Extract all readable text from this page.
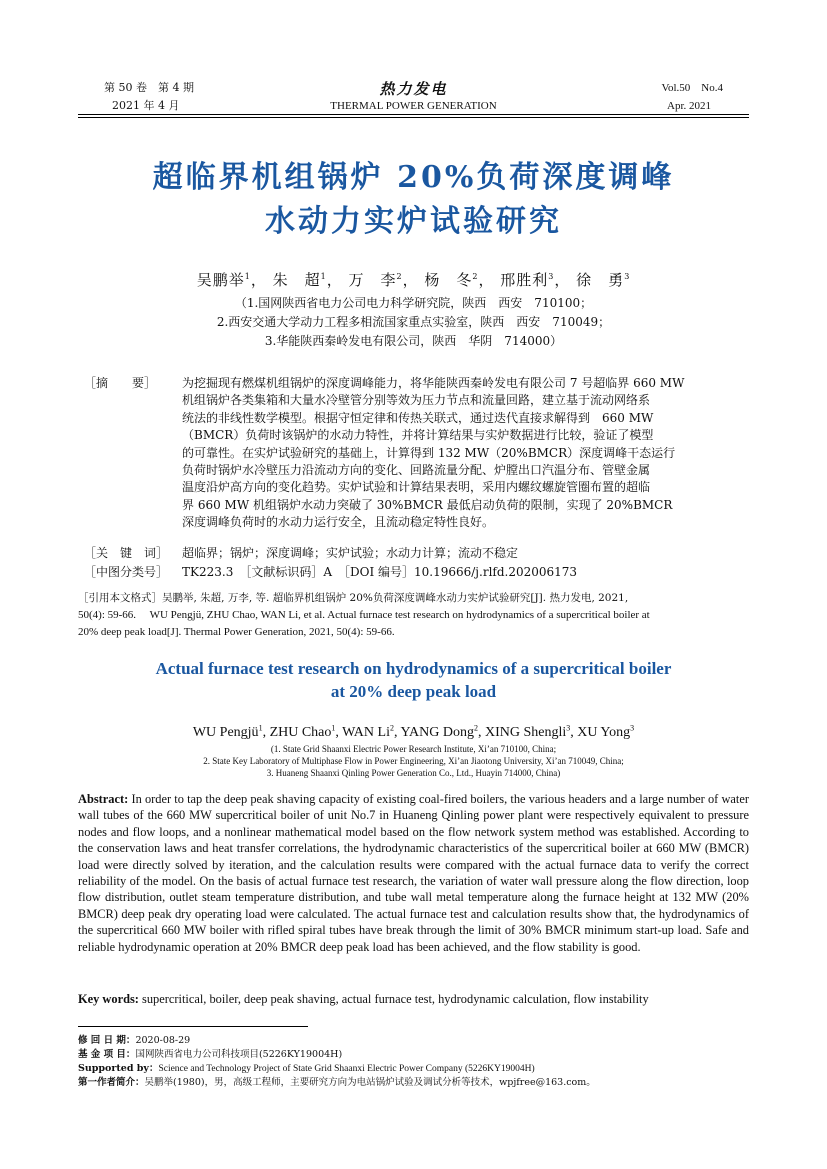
第 50 卷　第 4 期
2021 年 4 月
热力发电
THERMAL POWER GENERATION
Vol.50    No.4
Apr. 2021
超临界机组锅炉 20%负荷深度调峰
水动力实炉试验研究
吴鹏举$^1$， 朱　超$^1$， 万　李$^2$， 杨　冬$^2$， 邢胜利$^3$， 徐　勇$^3$
（1.国网陕西省电力公司电力科学研究院，陕西　西安　710100；
2.西安交通大学动力工程多相流国家重点实验室，陕西　西安　710049；
3.华能陕西秦岭发电有限公司，陕西　华阴　714000）
［摘　　要］	为挖掘现有燃煤机组锅炉的深度调峰能力，将华能陕西秦岭发电有限公司 7 号超临界 660 MW
机组锅炉各类集箱和大量水冷壁管分别等效为压力节点和流量回路，建立基于流动网络系
统法的非线性数学模型。根据守恒定律和传热关联式，通过迭代直接求解得到　660 MW
（BMCR）负荷时该锅炉的水动力特性，并将计算结果与实炉数据进行比较，验证了模型
的可靠性。在实炉试验研究的基础上，计算得到 132 MW（20%BMCR）深度调峰干态运行
负荷时锅炉水冷壁压力沿流动方向的变化、回路流量分配、炉膛出口汽温分布、管壁金属
温度沿炉高方向的变化趋势。实炉试验和计算结果表明，采用内螺纹螺旋管圈布置的超临
界 660 MW 机组锅炉水动力突破了 30%BMCR 最低启动负荷的限制，实现了 20%BMCR
深度调峰负荷时的水动力运行安全，且流动稳定特性良好。
［关　键　词］	超临界；锅炉；深度调峰；实炉试验；水动力计算；流动不稳定
［中图分类号］	TK223.3　［文献标识码］A　［DOI 编号］10.19666/j.rlfd.202006173
［引用本文格式］吴鹏举, 朱超, 万李, 等. 超临界机组锅炉 20%负荷深度调峰水动力实炉试验研究[J]. 热力发电, 2021,
50(4): 59-66.　 WU Pengjü, ZHU Chao, WAN Li, et al. Actual furnace test research on hydrodynamics of a supercritical boiler at
20% deep peak load[J]. Thermal Power Generation, 2021, 50(4): 59-66.
Actual furnace test research on hydrodynamics of a supercritical boiler
at 20% deep peak load
WU Pengjü$^1$, ZHU Chao$^1$, WAN Li$^2$, YANG Dong$^2$, XING Shengli$^3$, XU Yong$^3$
(1. State Grid Shaanxi Electric Power Research Institute, Xi’an 710100, China;
2. State Key Laboratory of Multiphase Flow in Power Engineering, Xi’an Jiaotong University, Xi’an 710049, China;
3. Huaneng Shaanxi Qinling Power Generation Co., Ltd., Huayin 714000, China)
Abstract: In order to tap the deep peak shaving capacity of existing coal-fired boilers, the various headers and a large number of water wall tubes of the 660 MW supercritical boiler of unit No.7 in Huaneng Qinling power plant were respectively equivalent to pressure nodes and flow loops, and a nonlinear mathematical model based on the flow network system method was established. According to the conservation laws and heat transfer correlations, the hydrodynamic characteristics of the supercritical boiler at 660 MW (BMCR) load were directly solved by iteration, and the calculation results were compared with the actual furnace data to verify the correct reliability of the model. On the basis of actual furnace test research, the variation of water wall pressure along the flow direction, loop flow distribution, outlet steam temperature distribution, and tube wall metal temperature along the furnace height at 132 MW (20% BMCR) deep peak dry operating load were calculated. The actual furnace test and calculation results show that, the hydrodynamics of the supercritical 660 MW boiler with rifled spiral tubes have break through the limit of 30% BMCR minimum start-up load. Safe and reliable hydrodynamic operation at 20% BMCR deep peak load has been achieved, and the flow stability is good.
Key words: supercritical, boiler, deep peak shaving, actual furnace test, hydrodynamic calculation, flow instability
修 回 日 期：2020-08-29
基 金 项 目：国网陕西省电力公司科技项目(5226KY19004H)
Supported by：Science and Technology Project of State Grid Shaanxi Electric Power Company (5226KY19004H)
第一作者简介：吴鹏举(1980)，男，高级工程师，主要研究方向为电站锅炉试验及调试分析等技术，wpjfree@163.com。
